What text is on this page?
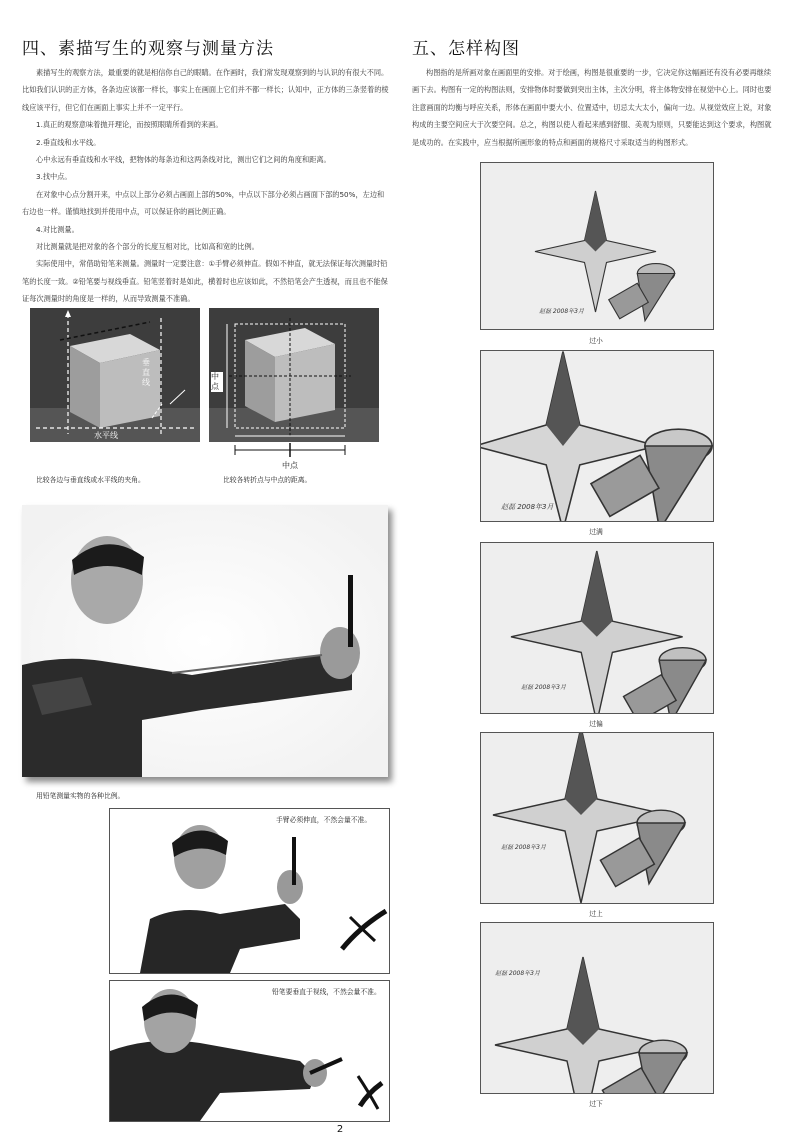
四、素描写生的观察与测量方法

素描写生的观察方法，最重要的就是相信你自己的眼睛。在作画时，我们常发现观察到的与认识的有很大不同。比如我们认识的正方体，各条边应该都一样长，事实上在画面上它们并不都一样长；认知中，正方体的三条竖着的棱线应该平行，但它们在画面上事实上并不一定平行。

1.真正的观察意味着抛开理论，而按照眼睛所看到的来画。

2.垂直线和水平线。

心中永远有垂直线和水平线，把物体的每条边和这两条线对比，测出它们之间的角度和距离。

3.找中点。

在对象中心点分割开来，中点以上部分必须占画面上部的50%，中点以下部分必须占画面下部的50%，左边和右边也一样。谨慎地找到并使用中点，可以保证你的画比例正确。

4.对比测量。

对比测量就是把对象的各个部分的长度互相对比，比如高和宽的比例。

实际使用中，常借助铅笔来测量。测量时一定要注意：①手臂必须伸直。假如不伸直，就无法保证每次测量时铅笔的长度一致。②铅笔要与视线垂直。铅笔竖着时是如此，横着时也应该如此，不然铅笔会产生透视，而且也不能保证每次测量时的角度是一样的，从而导致测量不准确。

垂直线
水平线
中点
中点
比较各边与垂直线或水平线的夹角。	比较各转折点与中点的距离。
用铅笔测量实物的各种比例。
手臂必须伸直，不然会量不准。
铅笔要垂直于视线，不然会量不准。
2
五、怎样构图

构图指的是所画对象在画面里的安排。对于绘画，构图是很重要的一步，它决定你这幅画还有没有必要再继续画下去。构图有一定的构图法则，安排物体时要做到突出主体，主次分明，将主体物安排在视觉中心上。同时也要注意画面的均衡与呼应关系，形体在画面中要大小、位置适中，切忌太大太小，偏向一边。从视觉效应上说，对象构成的主要空间应大于次要空间。总之，构图以使人看起来感到舒服、美观为原则，只要能达到这个要求，构图就是成功的。在实践中，应当根据所画形象的特点和画面的规格尺寸采取适当的构图形式。

赵磊 2008年3月
过小
赵磊 2008年3月
过满
赵磊 2008年3月
过偏
赵磊 2008年3月
过上
赵磊 2008年3月
过下
